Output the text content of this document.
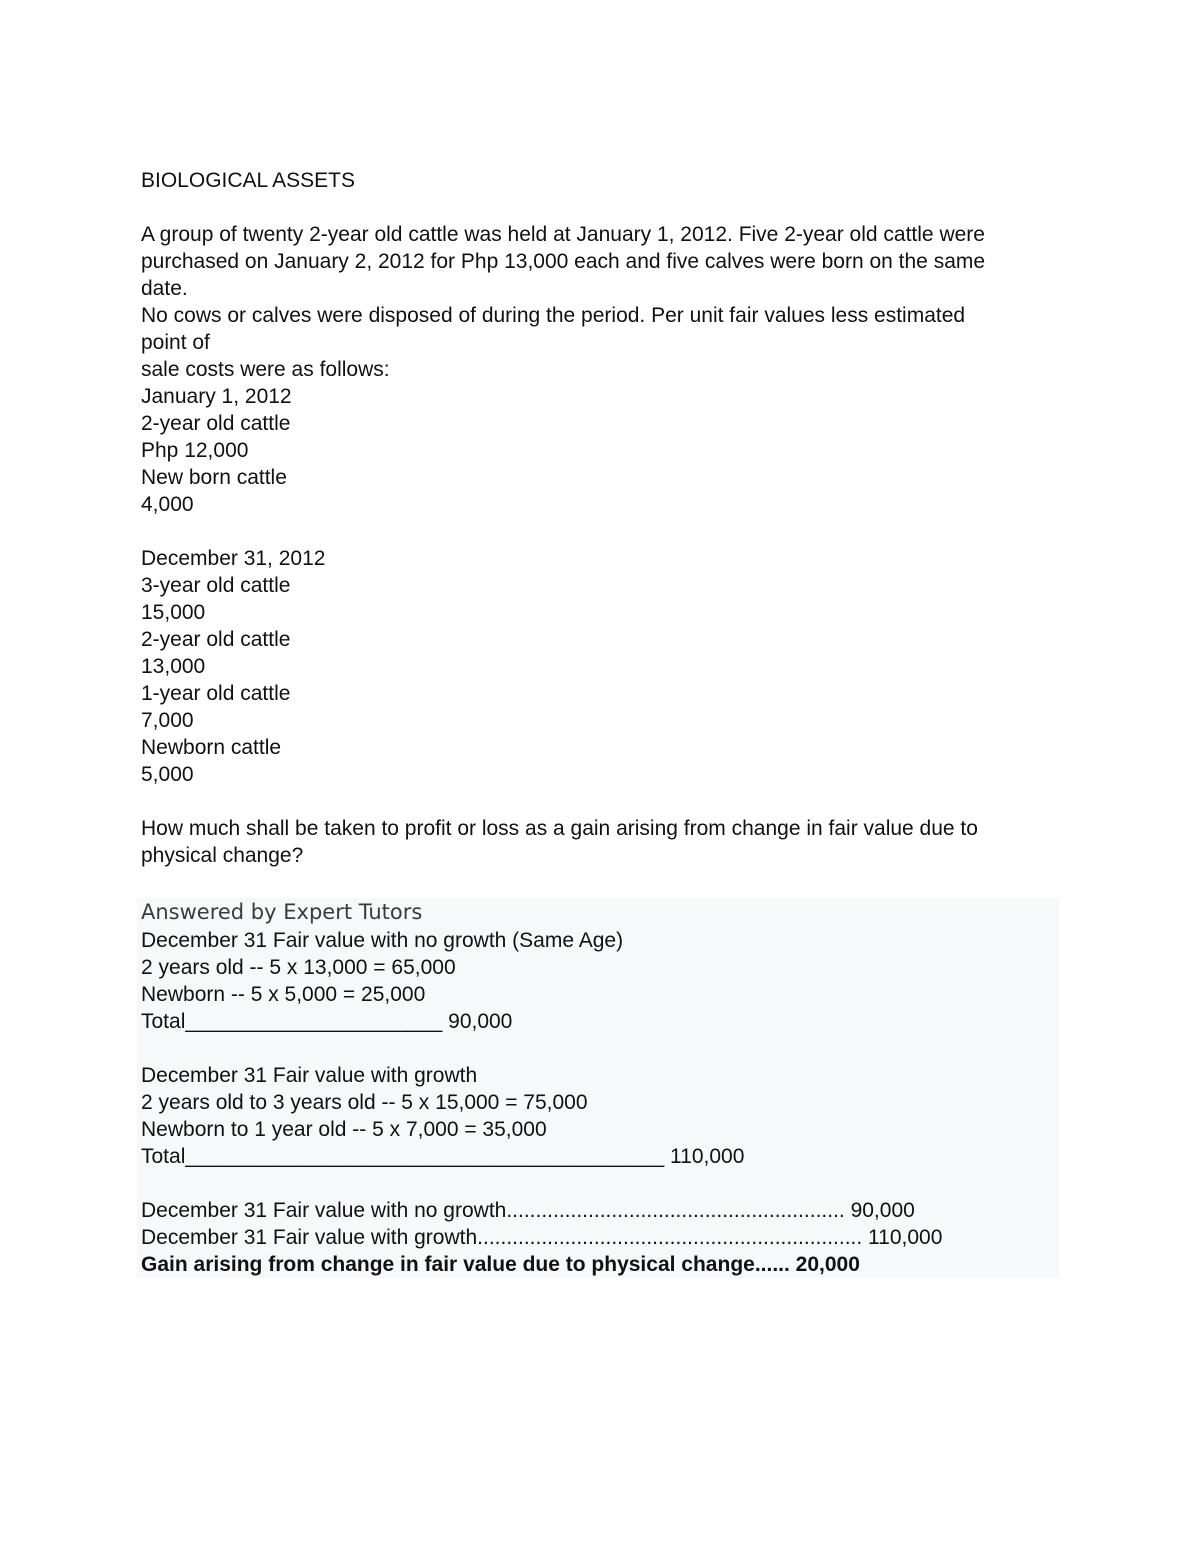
BIOLOGICAL ASSETS
A group of twenty 2-year old cattle was held at January 1, 2012. Five 2-year old cattle were
purchased on January 2, 2012 for Php 13,000 each and five calves were born on the same
date.
No cows or calves were disposed of during the period. Per unit fair values less estimated
point of
sale costs were as follows:
January 1, 2012
2-year old cattle
Php 12,000
New born cattle
4,000
December 31, 2012
3-year old cattle
15,000
2-year old cattle
13,000
1-year old cattle
7,000
Newborn cattle
5,000
How much shall be taken to profit or loss as a gain arising from change in fair value due to
physical change?
Answered by Expert Tutors
December 31 Fair value with no growth (Same Age)
2 years old -- 5 x 13,000 = 65,000
Newborn -- 5 x 5,000 = 25,000
Total______________________ 90,000
December 31 Fair value with growth
2 years old to 3 years old -- 5 x 15,000 = 75,000
Newborn to 1 year old -- 5 x 7,000 = 35,000
Total_________________________________________ 110,000
December 31 Fair value with no growth.......................................................... 90,000
December 31 Fair value with growth.................................................................. 110,000
Gain arising from change in fair value due to physical change...... 20,000
